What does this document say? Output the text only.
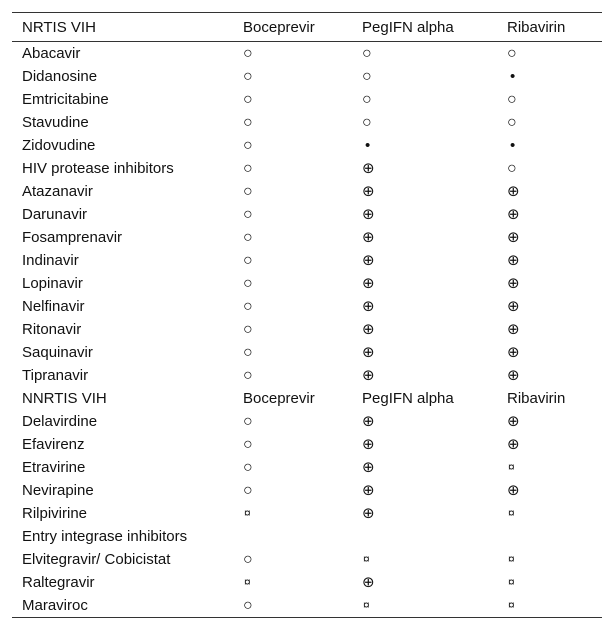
NRTIS VIH	Boceprevir	PegIFN alpha	Ribavirin
Abacavir	○	○	○
Didanosine	○	○	•
Emtricitabine	○	○	○
Stavudine	○	○	○
Zidovudine	○	•	•
HIV protease inhibitors	○	⊕	○
Atazanavir	○	⊕	⊕
Darunavir	○	⊕	⊕
Fosamprenavir	○	⊕	⊕
Indinavir	○	⊕	⊕
Lopinavir	○	⊕	⊕
Nelfinavir	○	⊕	⊕
Ritonavir	○	⊕	⊕
Saquinavir	○	⊕	⊕
Tipranavir	○	⊕	⊕
NNRTIS VIH	Boceprevir	PegIFN alpha	Ribavirin
Delavirdine	○	⊕	⊕
Efavirenz	○	⊕	⊕
Etravirine	○	⊕	¤
Nevirapine	○	⊕	⊕
Rilpivirine	¤	⊕	¤
Entry integrase inhibitors			
Elvitegravir/ Cobicistat	○	¤	¤
Raltegravir	¤	⊕	¤
Maraviroc	○	¤	¤
